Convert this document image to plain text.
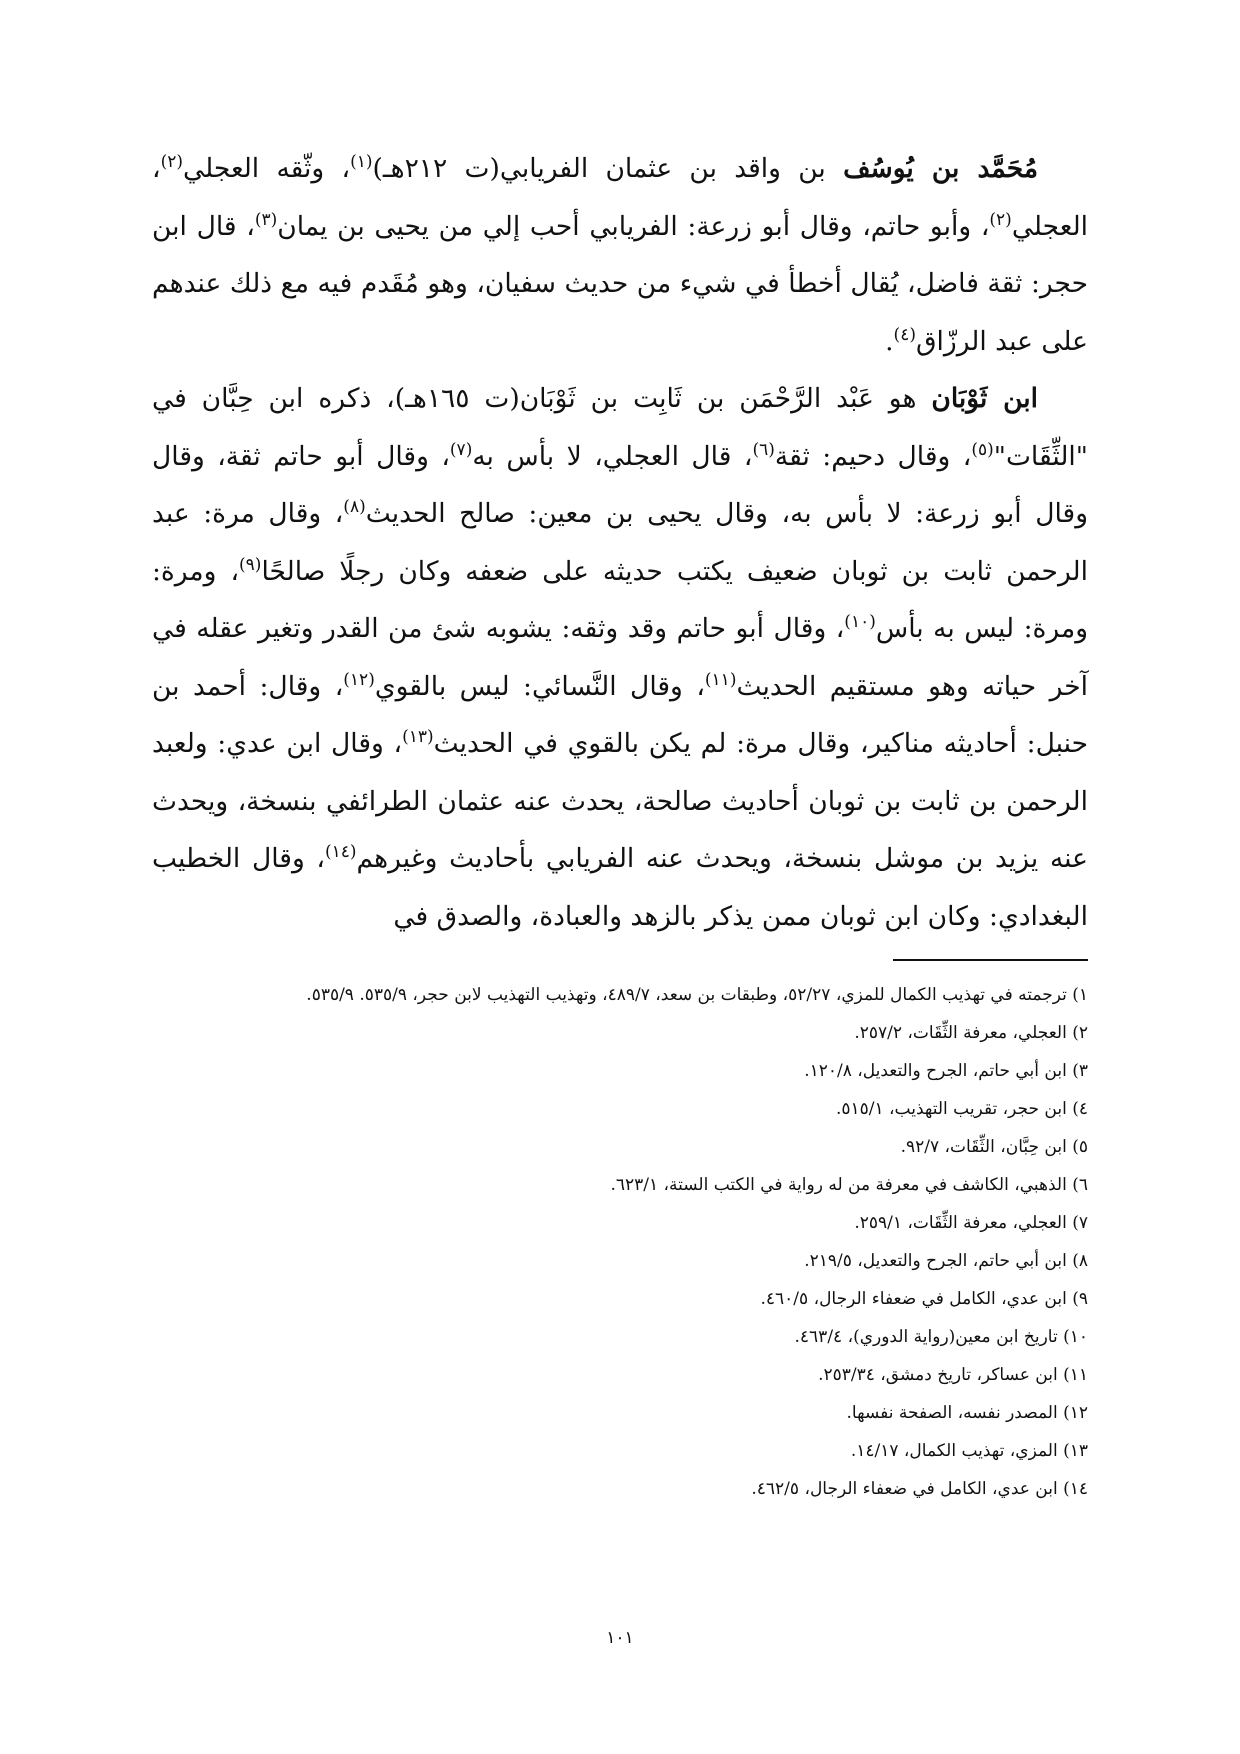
مُحَمَّد بن يُوسُف بن واقد بن عثمان الفريابي(ت ٢١٢هـ)$^{(١)}$، وثّقه العجلي$^{(٢)}$، العجلي$^{(٢)}$، وأبو حاتم، وقال أبو زرعة: الفريابي أحب إلي من يحيى بن يمان$^{(٣)}$، قال ابن حجر: ثقة فاضل، يُقال أخطأ في شيء من حديث سفيان، وهو مُقَدم فيه مع ذلك عندهم على عبد الرزّاق$^{(٤)}$.

ابن ثَوْبَان هو عَبْد الرَّحْمَن بن ثَابِت بن ثَوْبَان(ت ١٦٥هـ)، ذكره ابن حِبَّان في "الثِّقَات"$^{(٥)}$، وقال دحيم: ثقة$^{(٦)}$، قال العجلي، لا بأس به$^{(٧)}$، وقال أبو حاتم ثقة، وقال وقال أبو زرعة: لا بأس به، وقال يحيى بن معين: صالح الحديث$^{(٨)}$، وقال مرة: عبد الرحمن ثابت بن ثوبان ضعيف يكتب حديثه على ضعفه وكان رجلًا صالحًا$^{(٩)}$، ومرة: ومرة: ليس به بأس$^{(١٠)}$، وقال أبو حاتم وقد وثقه: يشوبه شئ من القدر وتغير عقله في آخر حياته وهو مستقيم الحديث$^{(١١)}$، وقال النَّسائي: ليس بالقوي$^{(١٢)}$، وقال: أحمد بن حنبل: أحاديثه مناكير، وقال مرة: لم يكن بالقوي في الحديث$^{(١٣)}$، وقال ابن عدي: ولعبد الرحمن بن ثابت بن ثوبان أحاديث صالحة، يحدث عنه عثمان الطرائفي بنسخة، ويحدث عنه يزيد بن موشل بنسخة، ويحدث عنه الفريابي بأحاديث وغيرهم$^{(١٤)}$، وقال الخطيب البغدادي: وكان ابن ثوبان ممن يذكر بالزهد والعبادة، والصدق في

١) ترجمته في تهذيب الكمال للمزي، ٥٢/٢٧، وطبقات بن سعد، ٤٨٩/٧، وتهذيب التهذيب لابن حجر، ٥٣٥/٩. ٥٣٥/٩.

٢) العجلي، معرفة الثِّقَات، ٢٥٧/٢.

٣) ابن أبي حاتم، الجرح والتعديل، ١٢٠/٨.

٤) ابن حجر، تقريب التهذيب، ٥١٥/١.

٥) ابن حِبَّان، الثِّقَات، ٩٢/٧.

٦) الذهبي، الكاشف في معرفة من له رواية في الكتب الستة، ٦٢٣/١.

٧) العجلي، معرفة الثِّقَات، ٢٥٩/١.

٨) ابن أبي حاتم، الجرح والتعديل، ٢١٩/٥.

٩) ابن عدي، الكامل في ضعفاء الرجال، ٤٦٠/٥.

١٠) تاريخ ابن معين(رواية الدوري)، ٤٦٣/٤.

١١) ابن عساكر، تاريخ دمشق، ٢٥٣/٣٤.

١٢) المصدر نفسه، الصفحة نفسها.

١٣) المزي، تهذيب الكمال، ١٤/١٧.

١٤) ابن عدي، الكامل في ضعفاء الرجال، ٤٦٢/٥.

١٠١
